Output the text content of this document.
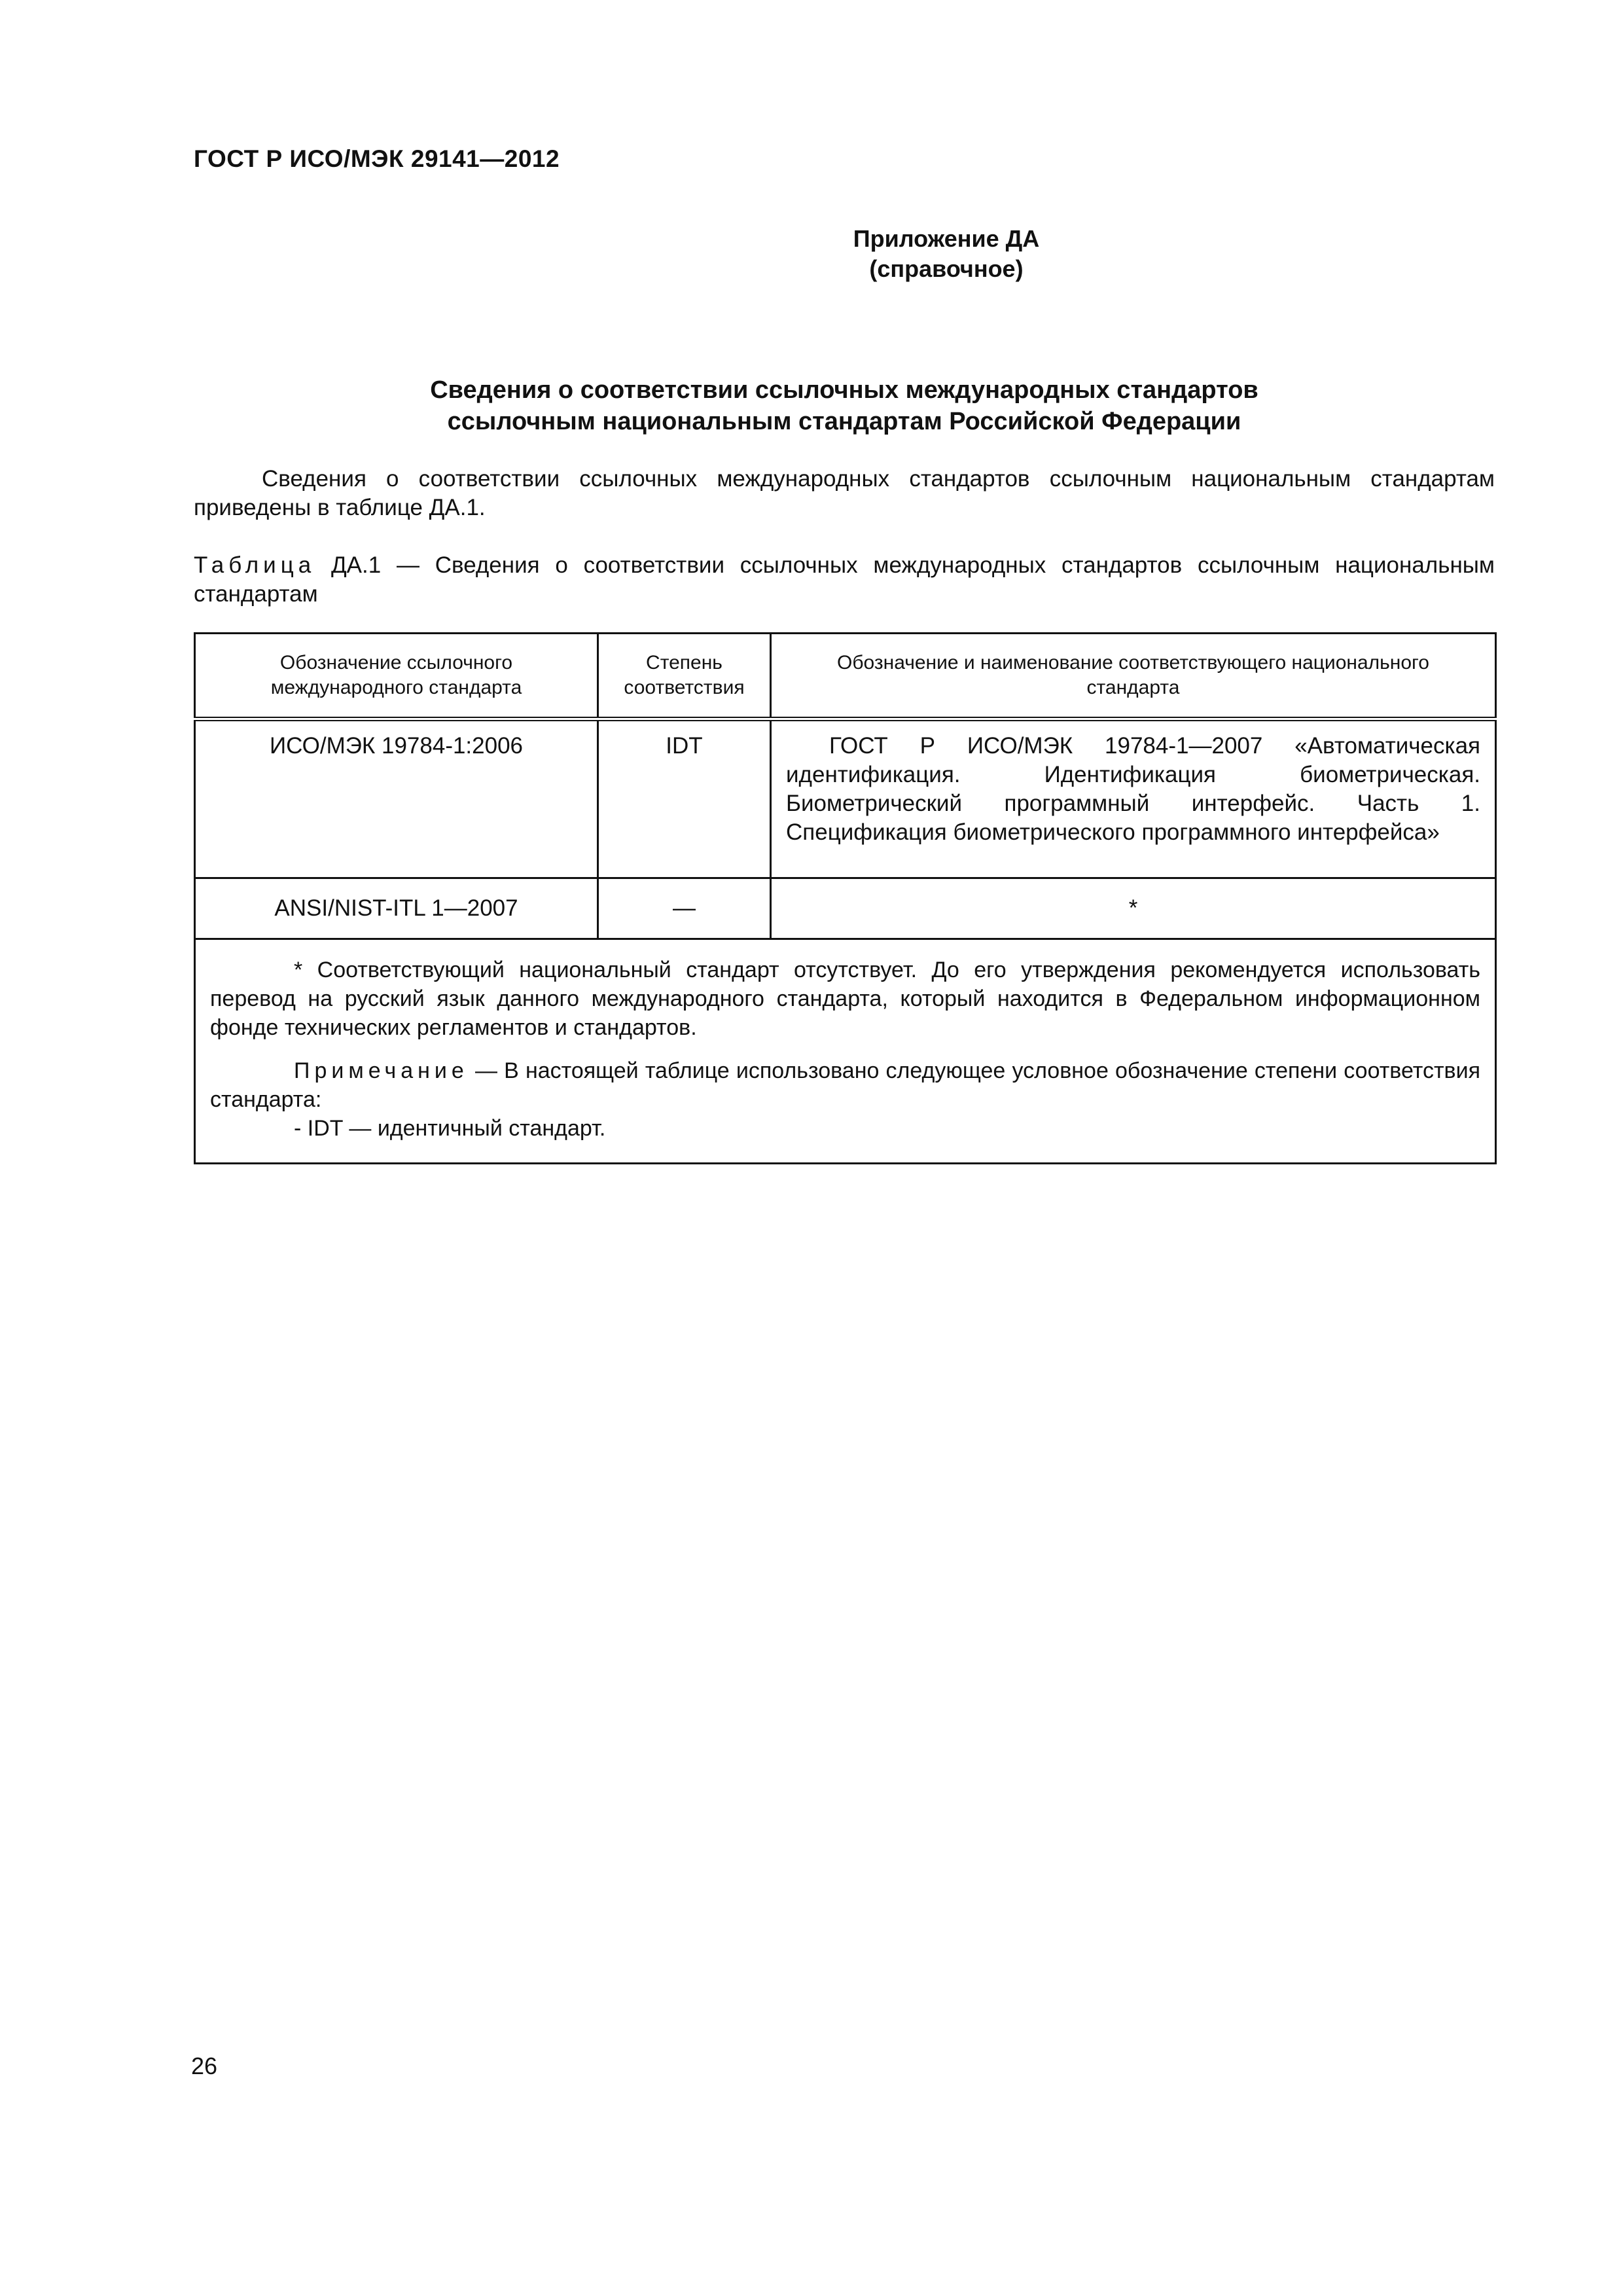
ГОСТ Р ИСО/МЭК 29141—2012
Приложение ДА
(справочное)
Сведения о соответствии ссылочных международных стандартов
ссылочным национальным стандартам Российской Федерации
Сведения о соответствии ссылочных международных стандартов ссылочным национальным стандартам приведены в таблице ДА.1.
Таблица ДА.1 — Сведения о соответствии ссылочных международных стандартов ссылочным национальным стандартам
Обозначение ссылочного международного стандарта	Степень соответствия	Обозначение и наименование соответствующего национального стандарта

ИСО/МЭК 19784-1:2006	IDT	ГОСТ Р ИСО/МЭК 19784-1—2007 «Автоматическая идентификация. Идентификация биометрическая. Биометрический программный интерфейс. Часть 1. Спецификация биометрического программного интерфейса»
ANSI/NIST-ITL 1—2007	—	*

* Соответствующий национальный стандарт отсутствует. До его утверждения рекомендуется использовать перевод на русский язык данного международного стандарта, который находится в Федеральном информационном фонде технических регламентов и стандартов.

Примечание — В настоящей таблице использовано следующее условное обозначение степени соответствия стандарта:

- IDT — идентичный стандарт.		

26
